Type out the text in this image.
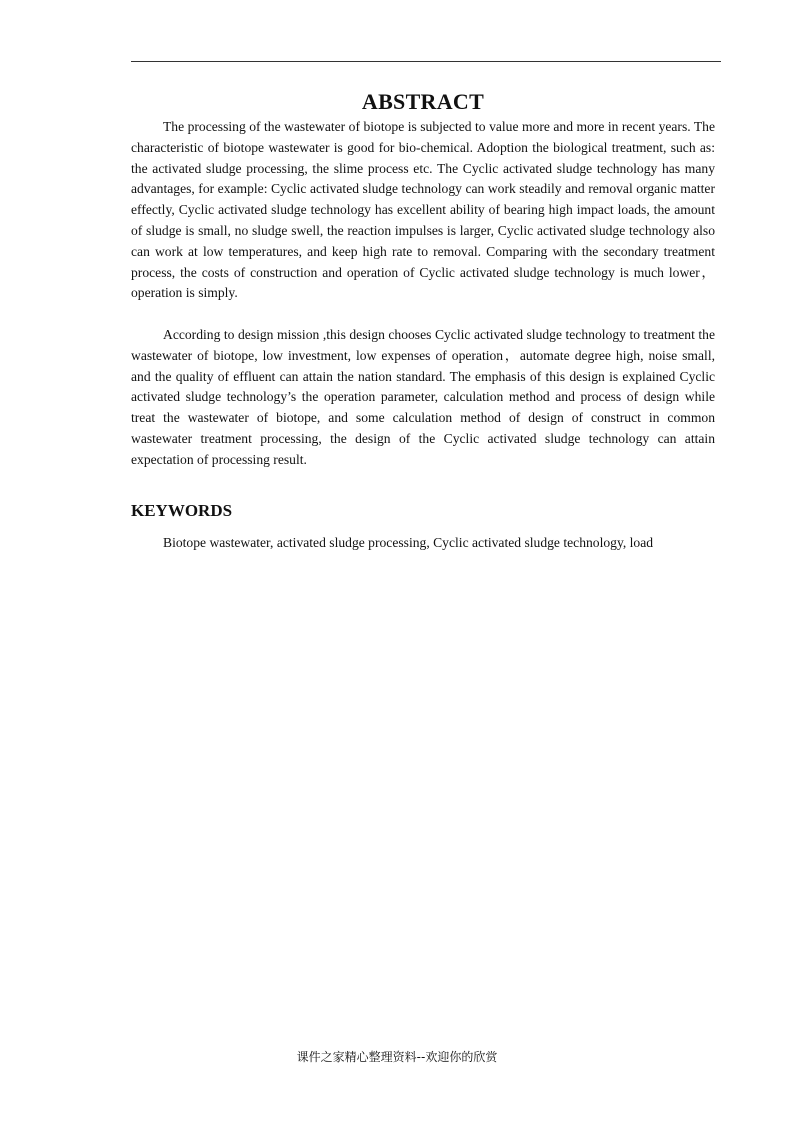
ABSTRACT

The processing of the wastewater of biotope is subjected to value more and more in recent years. The characteristic of biotope wastewater is good for bio-chemical. Adoption the biological treatment, such as: the activated sludge processing, the slime process etc. The Cyclic activated sludge technology has many advantages, for example: Cyclic activated sludge technology can work steadily and removal organic matter effectly, Cyclic activated sludge technology has excellent ability of bearing high impact loads, the amount of sludge is small, no sludge swell, the reaction impulses is larger, Cyclic activated sludge technology also can work at low temperatures, and keep high rate to removal. Comparing with the secondary treatment process, the costs of construction and operation of Cyclic activated sludge technology is much lower，operation is simply.

According to design mission ,this design chooses Cyclic activated sludge technology to treatment the wastewater of biotope, low investment, low expenses of operation，automate degree high, noise small, and the quality of effluent can attain the nation standard. The emphasis of this design is explained Cyclic activated sludge technology’s the operation parameter, calculation method and process of design while treat the wastewater of biotope, and some calculation method of design of construct in common wastewater treatment processing, the design of the Cyclic activated sludge technology can attain expectation of processing result.

KEYWORDS

Biotope wastewater, activated sludge processing, Cyclic activated sludge technology, load

课件之家精心整理资料--欢迎你的欣赏
